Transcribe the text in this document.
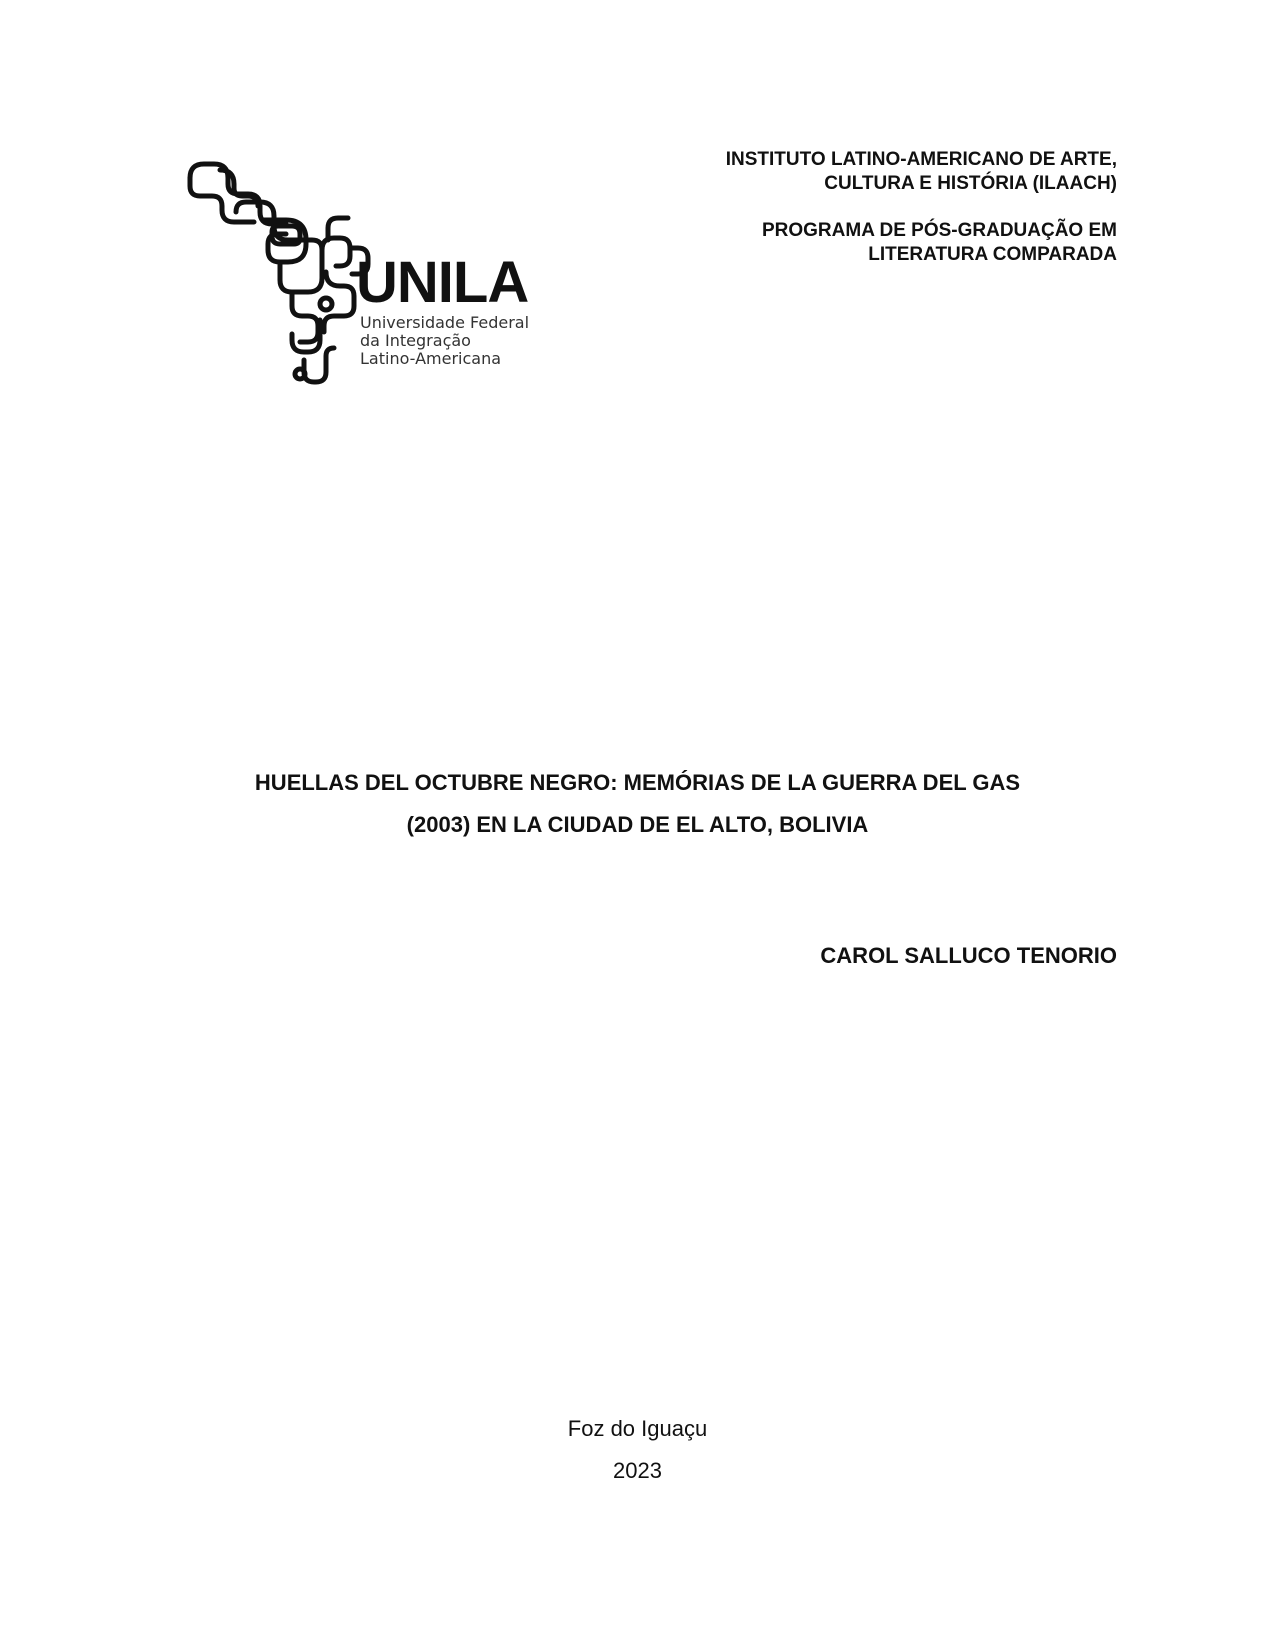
UNILA
Universidade Federal
da Integração
Latino-Americana
INSTITUTO LATINO-AMERICANO DE ARTE,
CULTURA E HISTÓRIA (ILAACH)
PROGRAMA DE PÓS-GRADUAÇÃO EM
LITERATURA COMPARADA
HUELLAS DEL OCTUBRE NEGRO: MEMÓRIAS DE LA GUERRA DEL GAS
(2003) EN LA CIUDAD DE EL ALTO, BOLIVIA
CAROL SALLUCO TENORIO
Foz do Iguaçu
2023
